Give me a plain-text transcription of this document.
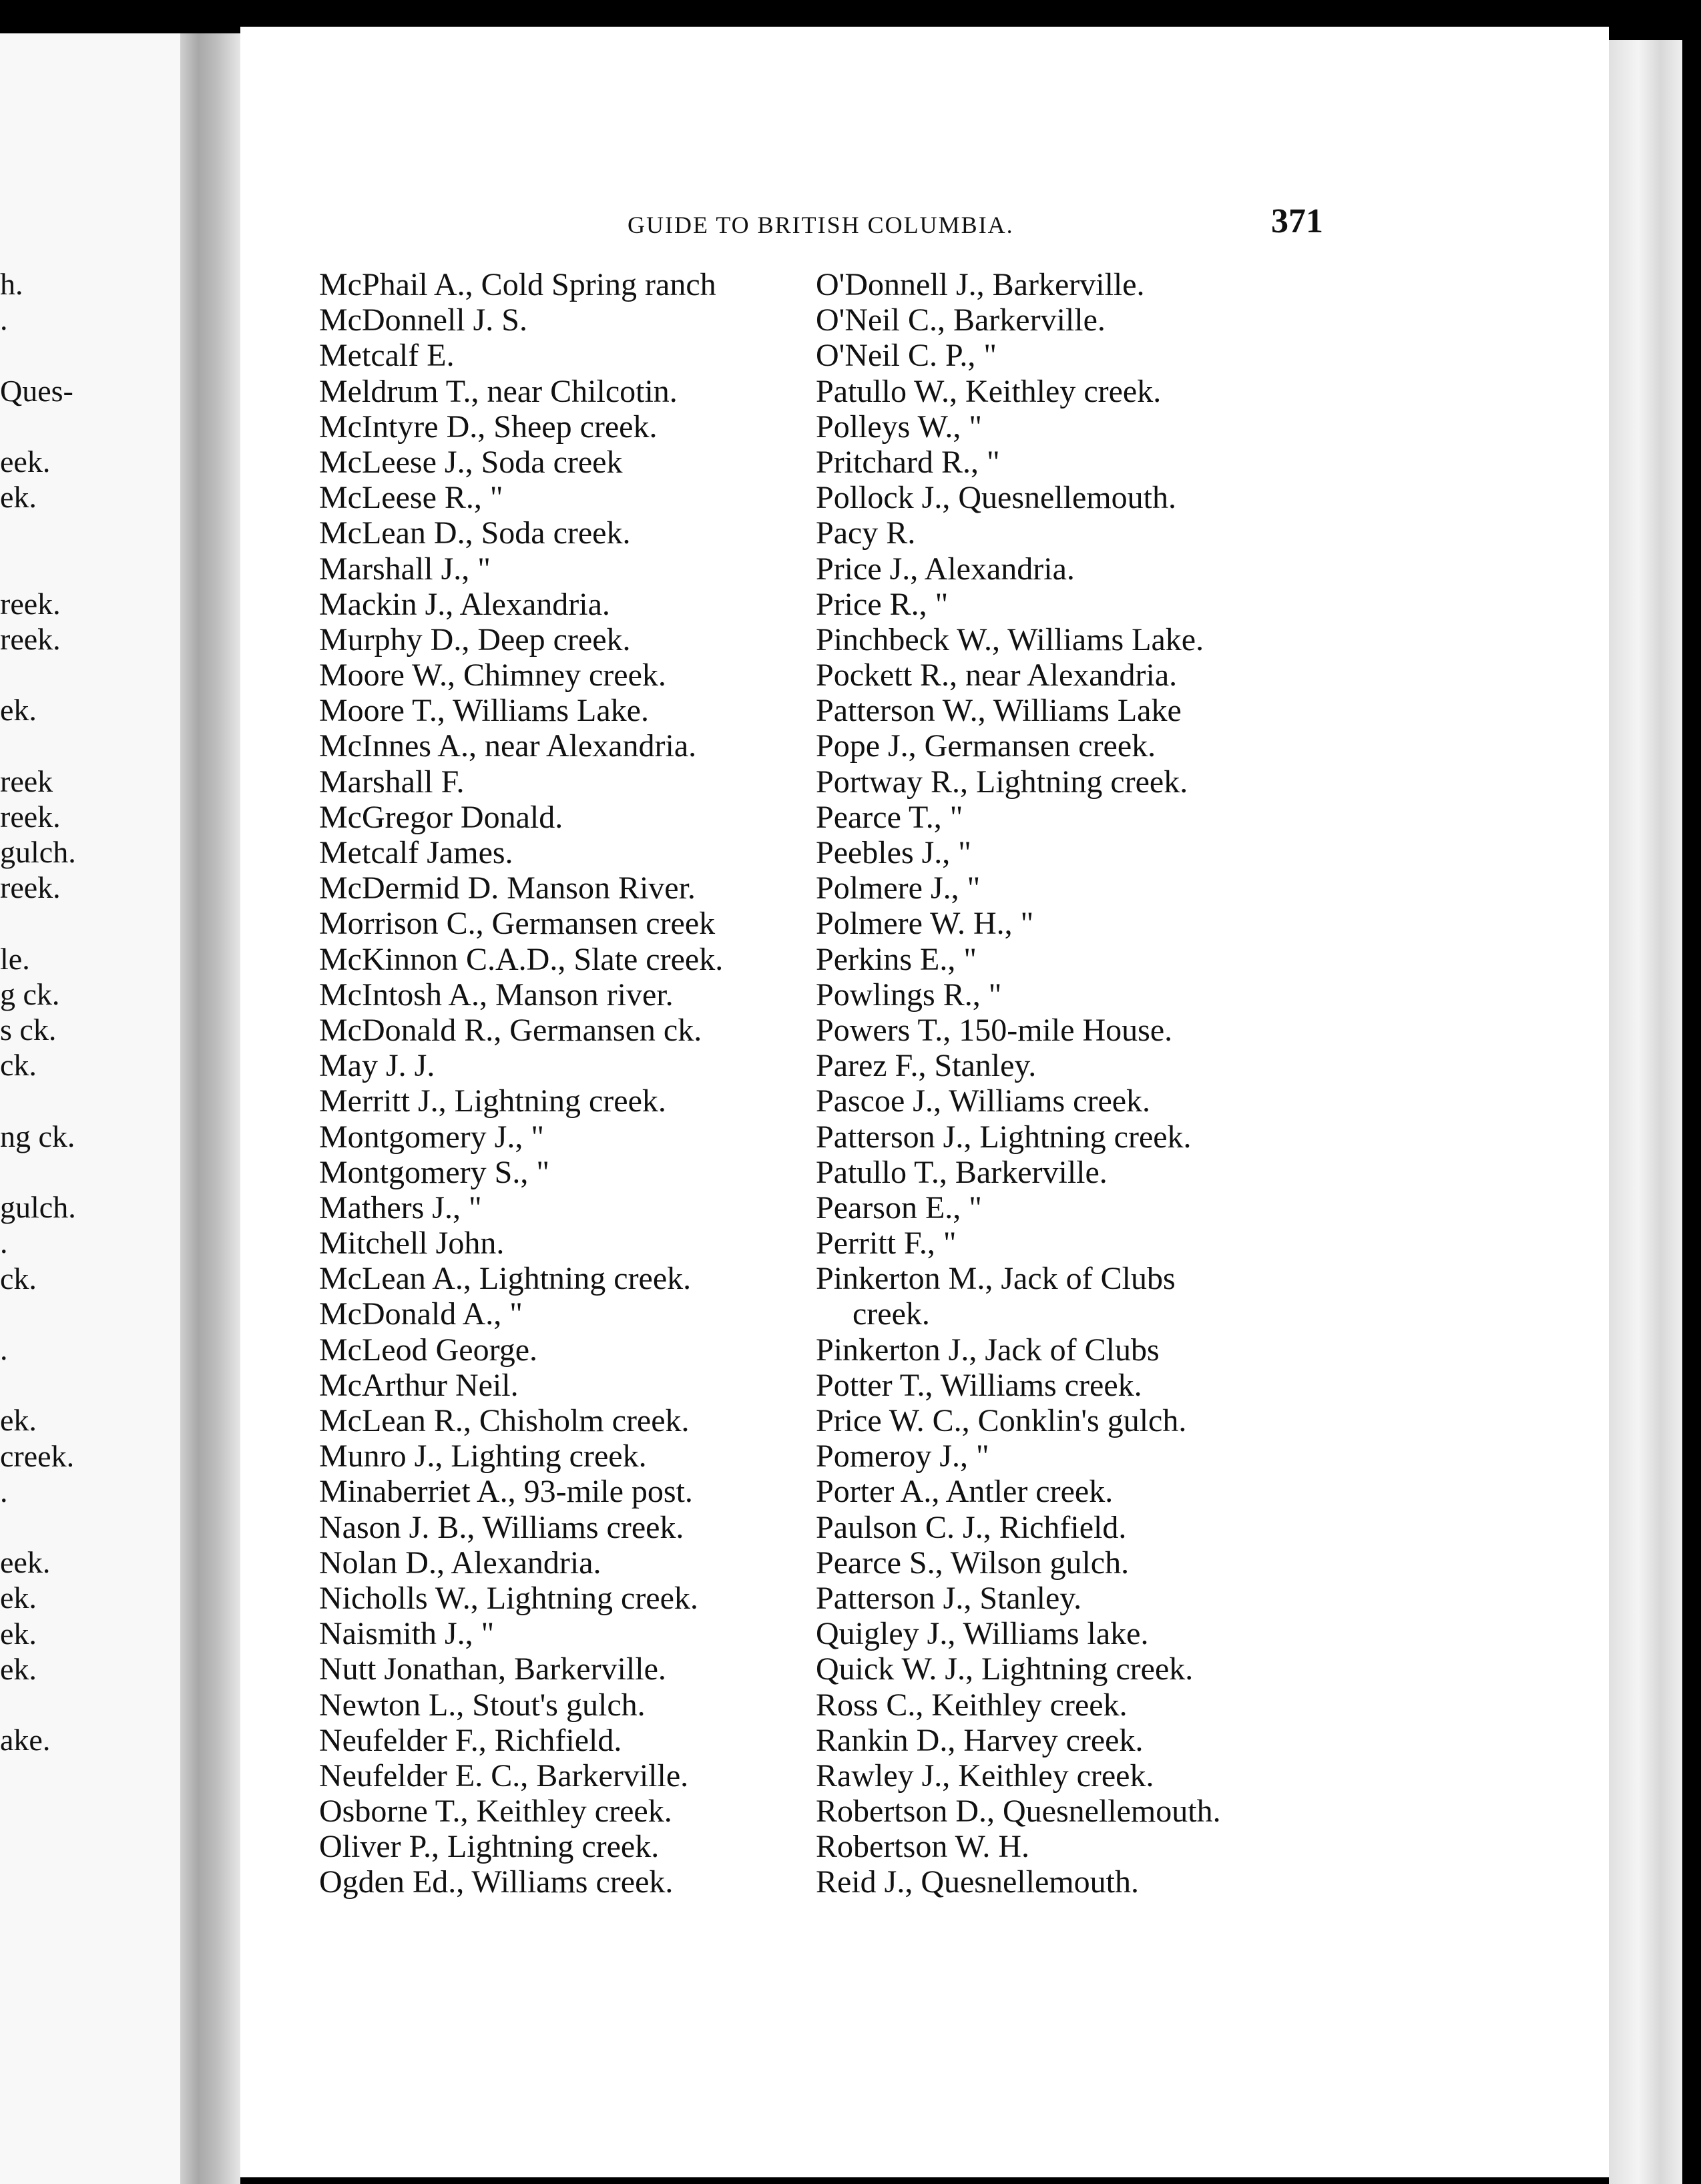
h.
.
Ques-
eek.
ek.
reek.
reek.
ek.
reek
reek.
gulch.
reek.
le.
g ck.
s ck.
ck.
ng ck.
gulch.
.
ck.
.
ek.
creek.
.
eek.
ek.
ek.
ek.
ake.
GUIDE TO BRITISH COLUMBIA.	371
McPhail A., Cold Spring ranch
McDonnell J. S.
Metcalf E.
Meldrum T., near Chilcotin.
McIntyre D., Sheep creek.
McLeese J., Soda creek
McLeese R., "
McLean D., Soda creek.
Marshall J., "
Mackin J., Alexandria.
Murphy D., Deep creek.
Moore W., Chimney creek.
Moore T., Williams Lake.
McInnes A., near Alexandria.
Marshall F.
McGregor Donald.
Metcalf James.
McDermid D. Manson River.
Morrison C., Germansen creek
McKinnon C.A.D., Slate creek.
McIntosh A., Manson river.
McDonald R., Germansen ck.
May J. J.
Merritt J., Lightning creek.
Montgomery J., "
Montgomery S., "
Mathers J., "
Mitchell John.
McLean A., Lightning creek.
McDonald A., "
McLeod George.
McArthur Neil.
McLean R., Chisholm creek.
Munro J., Lighting creek.
Minaberriet A., 93-mile post.
Nason J. B., Williams creek.
Nolan D., Alexandria.
Nicholls W., Lightning creek.
Naismith J., "
Nutt Jonathan, Barkerville.
Newton L., Stout's gulch.
Neufelder F., Richfield.
Neufelder E. C., Barkerville.
Osborne T., Keithley creek.
Oliver P., Lightning creek.
Ogden Ed., Williams creek.
O'Donnell J., Barkerville.
O'Neil C., Barkerville.
O'Neil C. P., "
Patullo W., Keithley creek.
Polleys W., "
Pritchard R., "
Pollock J., Quesnellemouth.
Pacy R.
Price J., Alexandria.
Price R., "
Pinchbeck W., Williams Lake.
Pockett R., near Alexandria.
Patterson W., Williams Lake
Pope J., Germansen creek.
Portway R., Lightning creek.
Pearce T., "
Peebles J., "
Polmere J., "
Polmere W. H., "
Perkins E., "
Powlings R., "
Powers T., 150-mile House.
Parez F., Stanley.
Pascoe J., Williams creek.
Patterson J., Lightning creek.
Patullo T., Barkerville.
Pearson E., "
Perritt F., "
Pinkerton M., Jack of Clubs
creek.
Pinkerton J., Jack of Clubs
Potter T., Williams creek.
Price W. C., Conklin's gulch.
Pomeroy J., "
Porter A., Antler creek.
Paulson C. J., Richfield.
Pearce S., Wilson gulch.
Patterson J., Stanley.
Quigley J., Williams lake.
Quick W. J., Lightning creek.
Ross C., Keithley creek.
Rankin D., Harvey creek.
Rawley J., Keithley creek.
Robertson D., Quesnellemouth.
Robertson W. H.
Reid J., Quesnellemouth.
